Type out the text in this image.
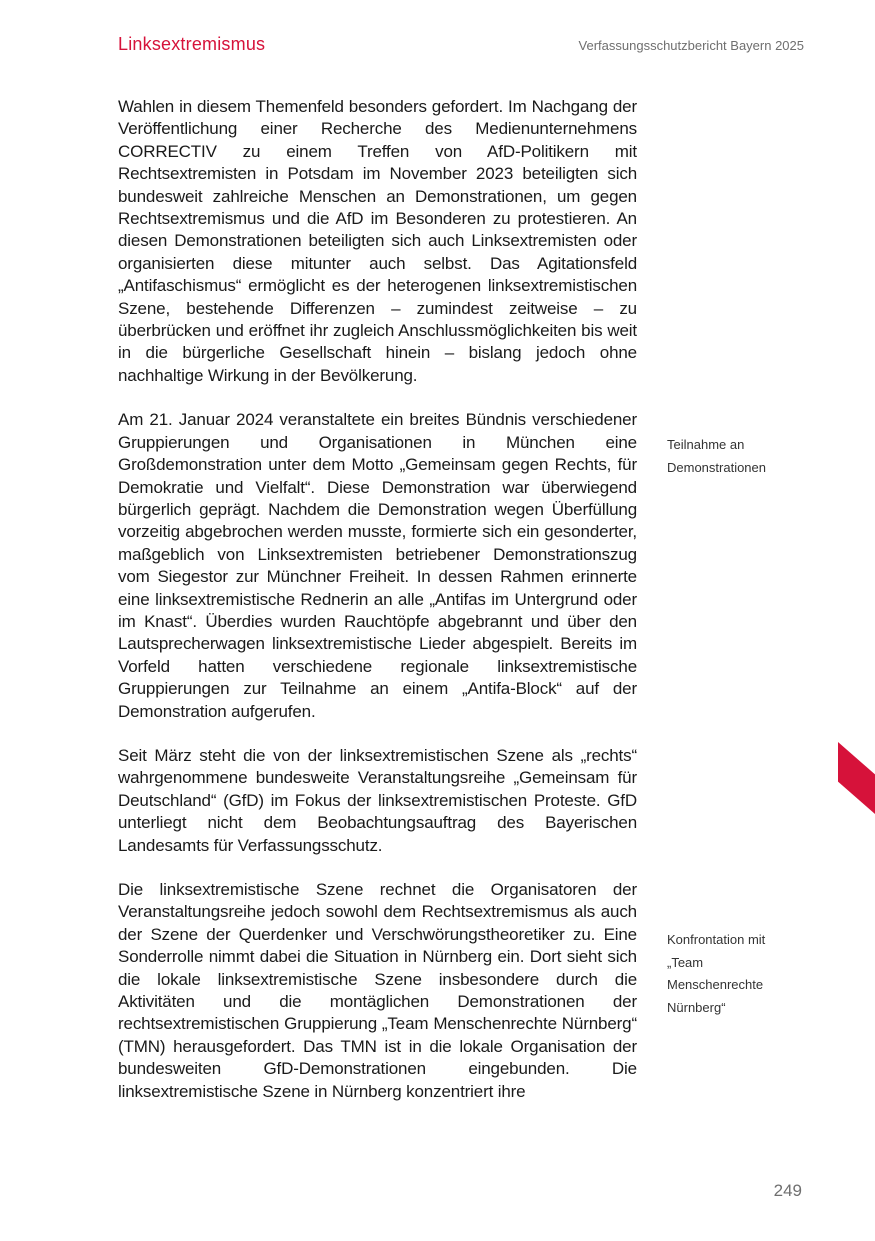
Linksextremismus	Verfassungsschutzbericht Bayern 2025

Wahlen in diesem Themenfeld besonders gefordert. Im Nachgang der Veröffentlichung einer Recherche des Medienunternehmens CORRECTIV zu einem Treffen von AfD-Politikern mit Rechtsextremisten in Potsdam im November 2023 beteiligten sich bundesweit zahlreiche Menschen an Demonstrationen, um gegen Rechtsextremismus und die AfD im Besonderen zu protestieren. An diesen Demonstrationen beteiligten sich auch Linksextremisten oder organisierten diese mitunter auch selbst. Das Agitationsfeld „Antifaschismus“ ermöglicht es der heterogenen linksextremistischen Szene, bestehende Differenzen – zumindest zeitweise – zu überbrücken und eröffnet ihr zugleich Anschlussmöglichkeiten bis weit in die bürgerliche Gesellschaft hinein – bislang jedoch ohne nachhaltige Wirkung in der Bevölkerung.

Am 21. Januar 2024 veranstaltete ein breites Bündnis verschiedener Gruppierungen und Organisationen in München eine Großdemonstration unter dem Motto „Gemeinsam gegen Rechts, für Demokratie und Vielfalt“. Diese Demonstration war überwiegend bürgerlich geprägt. Nachdem die Demonstration wegen Überfüllung vorzeitig abgebrochen werden musste, formierte sich ein gesonderter, maßgeblich von Linksextremisten betriebener Demonstrationszug vom Siegestor zur Münchner Freiheit. In dessen Rahmen erinnerte eine linksextremistische Rednerin an alle „Antifas im Untergrund oder im Knast“. Überdies wurden Rauchtöpfe abgebrannt und über den Lautsprecherwagen linksextremistische Lieder abgespielt. Bereits im Vorfeld hatten verschiedene regionale linksextremistische Gruppierungen zur Teilnahme an einem „Antifa-Block“ auf der Demonstration aufgerufen.

Seit März steht die von der linksextremistischen Szene als „rechts“ wahrgenommene bundesweite Veranstaltungsreihe „Gemeinsam für Deutschland“ (GfD) im Fokus der linksextremistischen Proteste. GfD unterliegt nicht dem Beobachtungsauftrag des Bayerischen Landesamts für Verfassungsschutz.

Die linksextremistische Szene rechnet die Organisatoren der Veranstaltungsreihe jedoch sowohl dem Rechtsextremismus als auch der Szene der Querdenker und Verschwörungstheoretiker zu. Eine Sonderrolle nimmt dabei die Situation in Nürnberg ein. Dort sieht sich die lokale linksextremistische Szene insbesondere durch die Aktivitäten und die montäglichen Demonstrationen der rechtsextremistischen Gruppierung „Team Menschenrechte Nürnberg“ (TMN) herausgefordert. Das TMN ist in die lokale Organisation der bundesweiten GfD-Demonstrationen eingebunden. Die linksextremistische Szene in Nürnberg konzentriert ihre

Teilnahme an Demonstrationen
Konfrontation mit „Team Menschenrechte Nürnberg“
249
